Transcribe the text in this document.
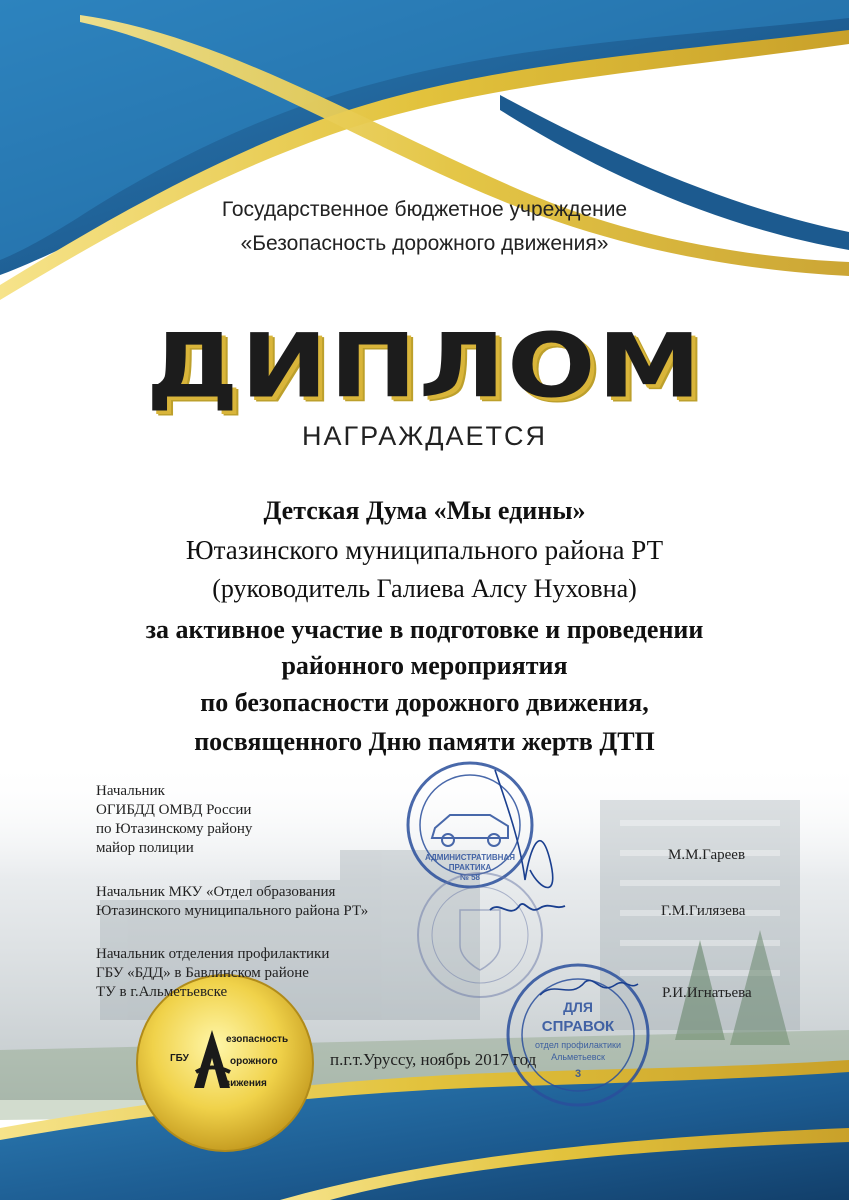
Государственное бюджетное учреждение
«Безопасность дорожного движения»
ДИПЛОМ
НАГРАЖДАЕТСЯ
Детская Дума «Мы едины»
Ютазинского муниципального района РТ
(руководитель Галиева Алсу Нуховна)
за активное участие в подготовке и проведении
районного мероприятия
по безопасности дорожного движения,
посвященного Дню памяти жертв ДТП
АДМИНИСТРАТИВНАЯ
ПРАКТИКА
№ 58
ДЛЯ
СПРАВОК
отдел профилактики
Альметьевск
3
Начальник
ОГИБДД ОМВД России
по Ютазинскому району
майор полиции	М.М.Гареев
Начальник МКУ «Отдел образования
Ютазинского муниципального района РТ»	Г.М.Гилязева
Начальник отделения профилактики
ГБУ «БДД» в Бавлинском районе
ТУ в г.Альметьевске	Р.И.Игнатьева
п.г.т.Уруссу, ноябрь 2017 год
ГБУ
езопасность
орожного
вижения
